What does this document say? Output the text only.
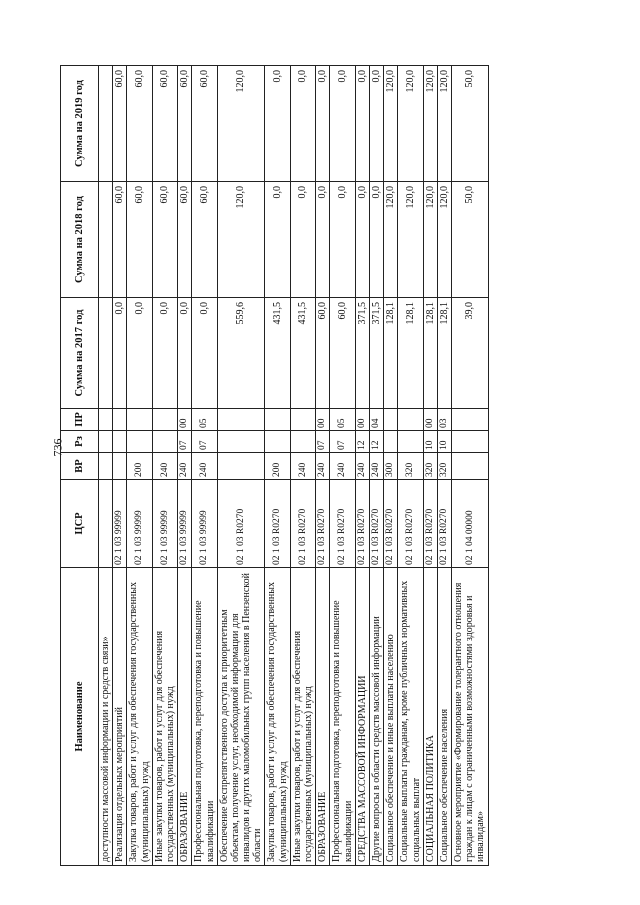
736
Наименование	ЦСР	ВР	Рз	ПР	Сумма на 2017 год	Сумма на 2018 год	Сумма на 2019 год
доступности массовой информации и средств связи»							
Реализация отдельных мероприятий	02 1 03 99999				0,0	60,0	60,0
Закупка товаров, работ и услуг для обеспечения государственных (муниципальных) нужд	02 1 03 99999	200			0,0	60,0	60,0
Иные закупки товаров, работ и услуг для обеспечения государственных (муниципальных) нужд	02 1 03 99999	240			0,0	60,0	60,0
ОБРАЗОВАНИЕ	02 1 03 99999	240	07	00	0,0	60,0	60,0
Профессиональная подготовка, переподготовка и повышение квалификации	02 1 03 99999	240	07	05	0,0	60,0	60,0
Обеспечение беспрепятственного доступа к приоритетным объектам, получение услуг, необходимой информации для инвалидов и других маломобильных групп населения в Пензенской области	02 1 03 R0270				559,6	120,0	120,0
Закупка товаров, работ и услуг для обеспечения государственных (муниципальных) нужд	02 1 03 R0270	200			431,5	0,0	0,0
Иные закупки товаров, работ и услуг для обеспечения государственных (муниципальных) нужд	02 1 03 R0270	240			431,5	0,0	0,0
ОБРАЗОВАНИЕ	02 1 03 R0270	240	07	00	60,0	0,0	0,0
Профессиональная подготовка, переподготовка и повышение квалификации	02 1 03 R0270	240	07	05	60,0	0,0	0,0
СРЕДСТВА МАССОВОЙ ИНФОРМАЦИИ	02 1 03 R0270	240	12	00	371,5	0,0	0,0
Другие вопросы в области средств массовой информации	02 1 03 R0270	240	12	04	371,5	0,0	0,0
Социальное обеспечение и иные выплаты населению	02 1 03 R0270	300			128,1	120,0	120,0
Социальные выплаты гражданам, кроме публичных нормативных социальных выплат	02 1 03 R0270	320			128,1	120,0	120,0
СОЦИАЛЬНАЯ ПОЛИТИКА	02 1 03 R0270	320	10	00	128,1	120,0	120,0
Социальное обеспечение населения	02 1 03 R0270	320	10	03	128,1	120,0	120,0
Основное мероприятие «Формирование толерантного отношения граждан к лицам с ограниченными возможностями здоровья и инвалидам»	02 1 04 00000				39,0	50,0	50,0
